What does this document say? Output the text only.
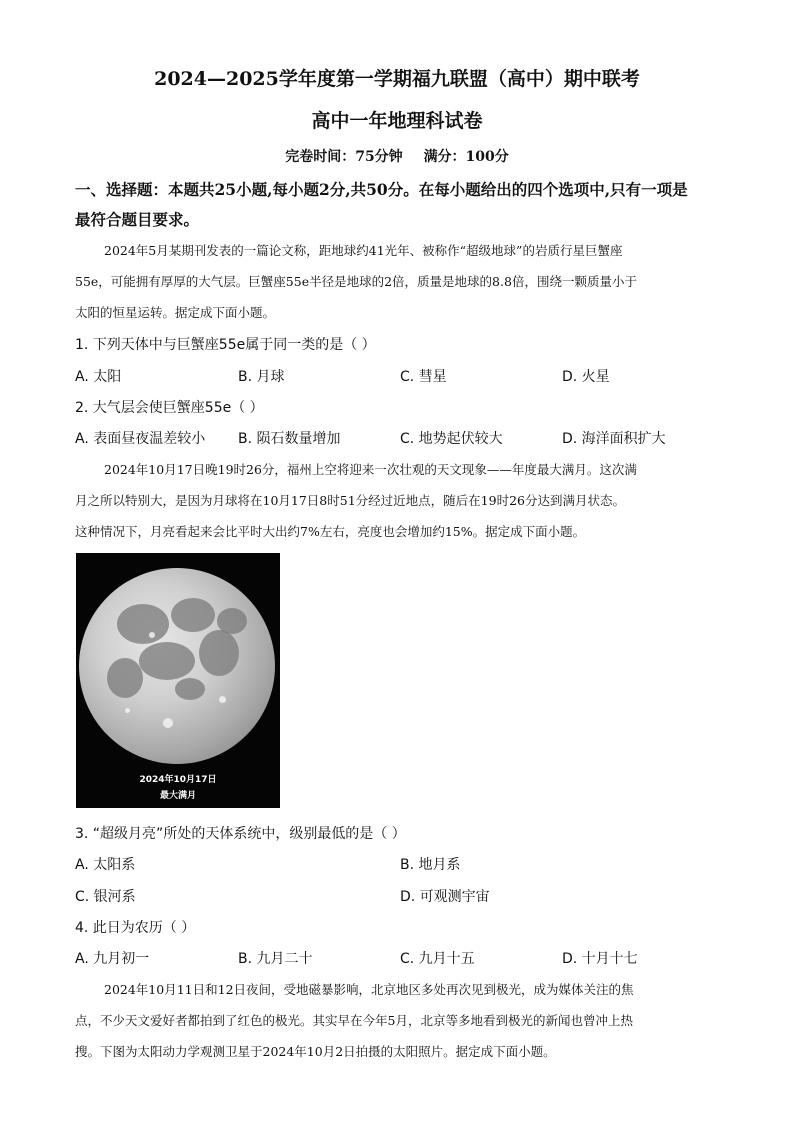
2024—2025学年度第一学期福九联盟（高中）期中联考
高中一年地理科试卷
完卷时间：75分钟 满分：100分
一、选择题：本题共25小题,每小题2分,共50分。在每小题给出的四个选项中,只有一项是
最符合题目要求。
2024年5月某期刊发表的一篇论文称，距地球约41光年、被称作“超级地球”的岩质行星巨蟹座
55e，可能拥有厚厚的大气层。巨蟹座55e半径是地球的2倍，质量是地球的8.8倍，围绕一颗质量小于
太阳的恒星运转。据定成下面小题。
1. 下列天体中与巨蟹座55e属于同一类的是（ ）
A. 太阳	B. 月球	C. 彗星	D. 火星
2. 大气层会使巨蟹座55e（ ）
A. 表面昼夜温差较小 B. 陨石数量增加	C. 地势起伏较大	D. 海洋面积扩大
2024年10月17日晚19时26分，福州上空将迎来一次壮观的天文现象——年度最大满月。这次满
月之所以特别大，是因为月球将在10月17日8时51分经过近地点，随后在19时26分达到满月状态。
这种情况下，月亮看起来会比平时大出约7%左右，亮度也会增加约15%。据定成下面小题。
2024年10月17日
最大满月
3. “超级月亮”所处的天体系统中，级别最低的是（ ）
A. 太阳系	B. 地月系
C. 银河系	D. 可观测宇宙
4. 此日为农历（ ）
A. 九月初一	B. 九月二十	C. 九月十五	D. 十月十七
2024年10月11日和12日夜间，受地磁暴影响，北京地区多处再次见到极光，成为媒体关注的焦
点，不少天文爱好者都拍到了红色的极光。其实早在今年5月，北京等多地看到极光的新闻也曾冲上热
搜。下图为太阳动力学观测卫星于2024年10月2日拍摄的太阳照片。据定成下面小题。
